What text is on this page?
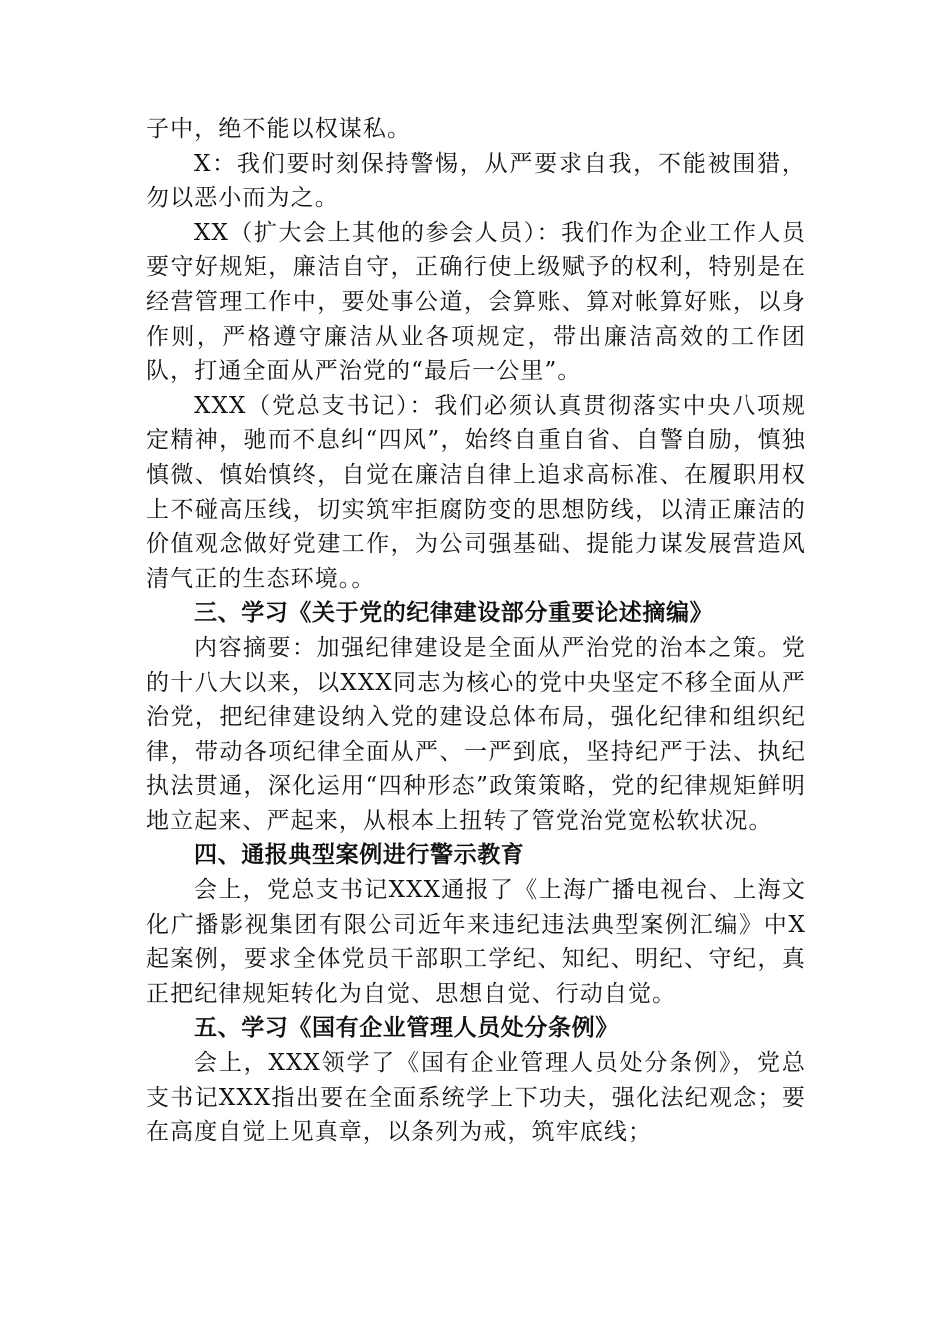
子中，绝不能以权谋私。

X：我们要时刻保持警惕，从严要求自我，不能被围猎，勿以恶小而为之。

XX（扩大会上其他的参会人员）：我们作为企业工作人员要守好规矩，廉洁自守，正确行使上级赋予的权利，特别是在经营管理工作中，要处事公道，会算账、算对帐算好账，以身作则，严格遵守廉洁从业各项规定，带出廉洁高效的工作团队，打通全面从严治党的“最后一公里”。

XXX（党总支书记）：我们必须认真贯彻落实中央八项规定精神，驰而不息纠“四风”，始终自重自省、自警自励，慎独慎微、慎始慎终，自觉在廉洁自律上追求高标准、在履职用权上不碰高压线，切实筑牢拒腐防变的思想防线，以清正廉洁的价值观念做好党建工作，为公司强基础、提能力谋发展营造风清气正的生态环境。。

三、学习《关于党的纪律建设部分重要论述摘编》

内容摘要：加强纪律建设是全面从严治党的治本之策。党的十八大以来，以XXX同志为核心的党中央坚定不移全面从严治党，把纪律建设纳入党的建设总体布局，强化纪律和组织纪律，带动各项纪律全面从严、一严到底，坚持纪严于法、执纪执法贯通，深化运用“四种形态”政策策略，党的纪律规矩鲜明地立起来、严起来，从根本上扭转了管党治党宽松软状况。

四、通报典型案例进行警示教育

会上，党总支书记XXX通报了《上海广播电视台、上海文化广播影视集团有限公司近年来违纪违法典型案例汇编》中X起案例，要求全体党员干部职工学纪、知纪、明纪、守纪，真正把纪律规矩转化为自觉、思想自觉、行动自觉。

五、学习《国有企业管理人员处分条例》

会上，XXX领学了《国有企业管理人员处分条例》，党总支书记XXX指出要在全面系统学上下功夫，强化法纪观念；要在高度自觉上见真章，以条列为戒，筑牢底线；
